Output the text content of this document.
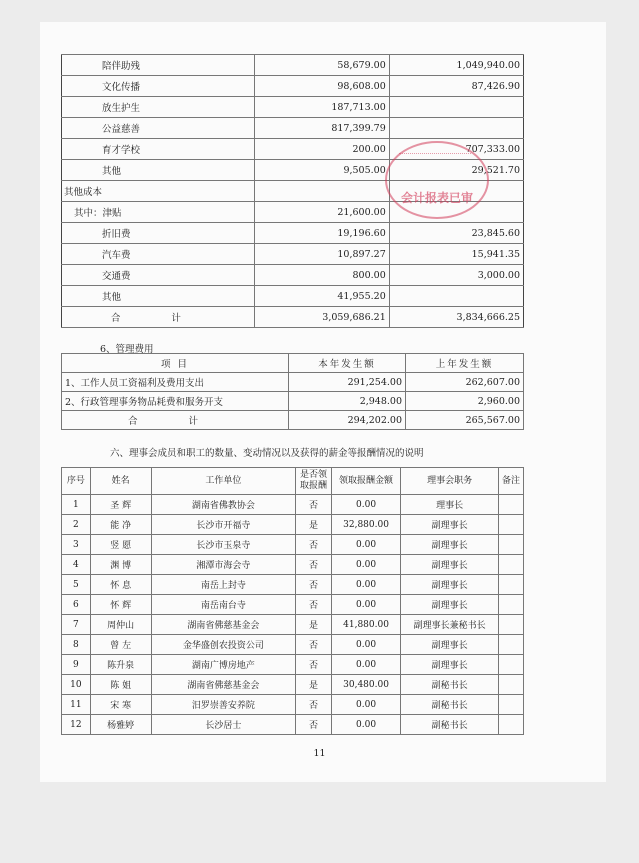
陪伴助残	58,679.00	1,049,940.00
文化传播	98,608.00	87,426.90
放生护生	187,713.00	
公益慈善	817,399.79	
育才学校	200.00	707,333.00
其他	9,505.00	29,521.70
其他成本		
其中：津贴	21,600.00	
折旧费	19,196.60	23,845.60
汽车费	10,897.27	15,941.35
交通费	800.00	3,000.00
其他	41,955.20	
合 计	3,059,686.21	3,834,666.25
会计报表已审
6、管理费用
项 目	本年发生额	上年发生额
1、工作人员工资福利及费用支出	291,254.00	262,607.00
2、行政管理事务物品耗费和服务开支	2,948.00	2,960.00
合 计	294,202.00	265,567.00
六、理事会成员和职工的数量、变动情况以及获得的薪金等报酬情况的说明
序号	姓名	工作单位	是否领取报酬	领取报酬金额	理事会职务	备注
1	圣 辉	湖南省佛教协会	否	0.00	理事长	
2	能 净	长沙市开福寺	是	32,880.00	副理事长	
3	竖 愿	长沙市玉泉寺	否	0.00	副理事长	
4	渊 博	湘潭市海会寺	否	0.00	副理事长	
5	怀 息	南岳上封寺	否	0.00	副理事长	
6	怀 辉	南岳南台寺	否	0.00	副理事长	
7	周仲山	湖南省佛慈基金会	是	41,880.00	副理事长兼秘书长	
8	曾 左	金华盛创农投资公司	否	0.00	副理事长	
9	陈升泉	湖南广博房地产	否	0.00	副理事长	
10	陈 姐	湖南省佛慈基金会	是	30,480.00	副秘书长	
11	宋 寒	汨罗崇善安养院	否	0.00	副秘书长	
12	杨雅婷	长沙居士	否	0.00	副秘书长	
11
